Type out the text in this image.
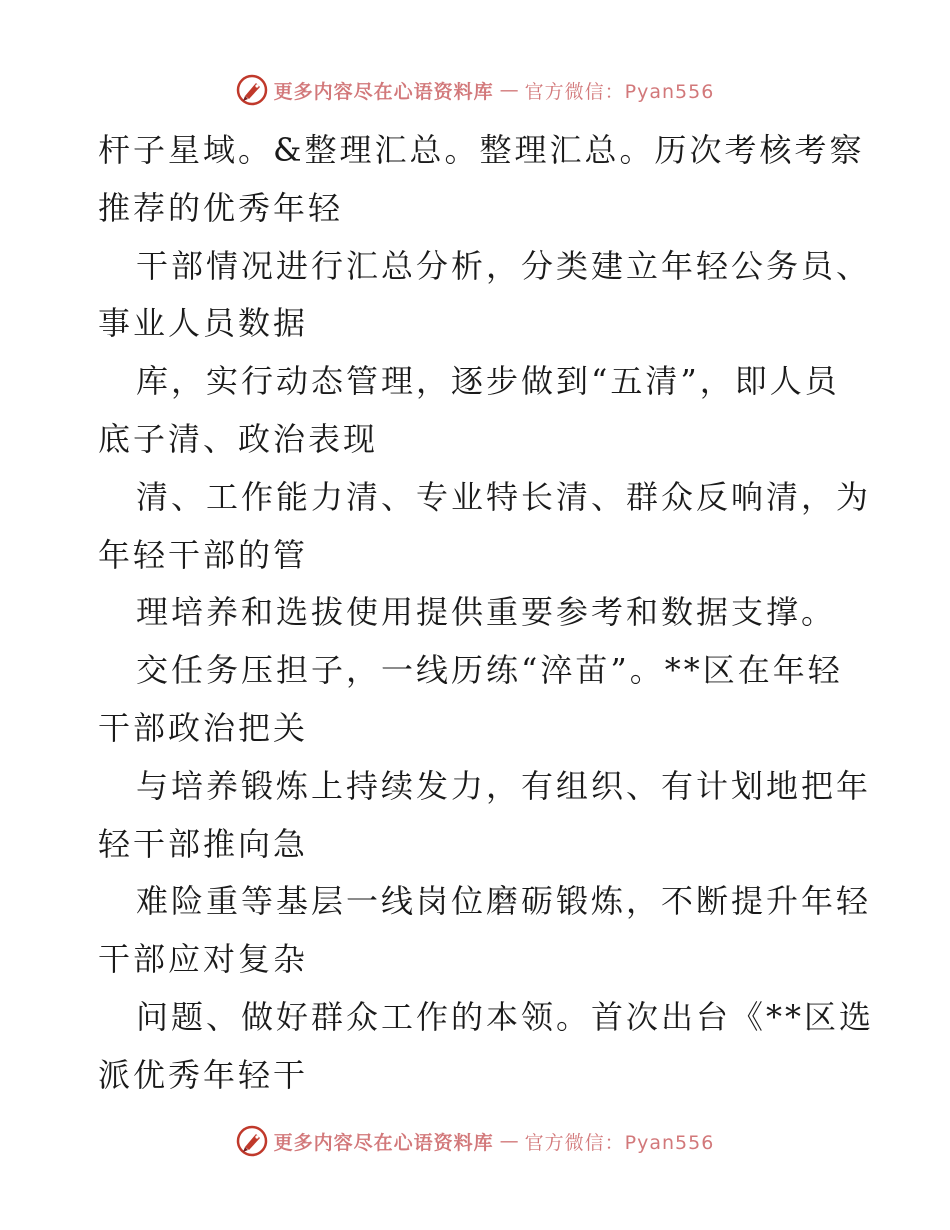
更多内容尽在心语资料库 — 官方微信：Pyan556
杆子星域。&整理汇总。整理汇总。历次考核考察
推荐的优秀年轻
干部情况进行汇总分析，分类建立年轻公务员、
事业人员数据
库，实行动态管理，逐步做到“五清”，即人员
底子清、政治表现
清、工作能力清、专业特长清、群众反响清，为
年轻干部的管
理培养和选拔使用提供重要参考和数据支撑。
交任务压担子，一线历练“淬苗”。**区在年轻
干部政治把关
与培养锻炼上持续发力，有组织、有计划地把年
轻干部推向急
难险重等基层一线岗位磨砺锻炼，不断提升年轻
干部应对复杂
问题、做好群众工作的本领。首次出台《**区选
派优秀年轻干
更多内容尽在心语资料库 — 官方微信：Pyan556
